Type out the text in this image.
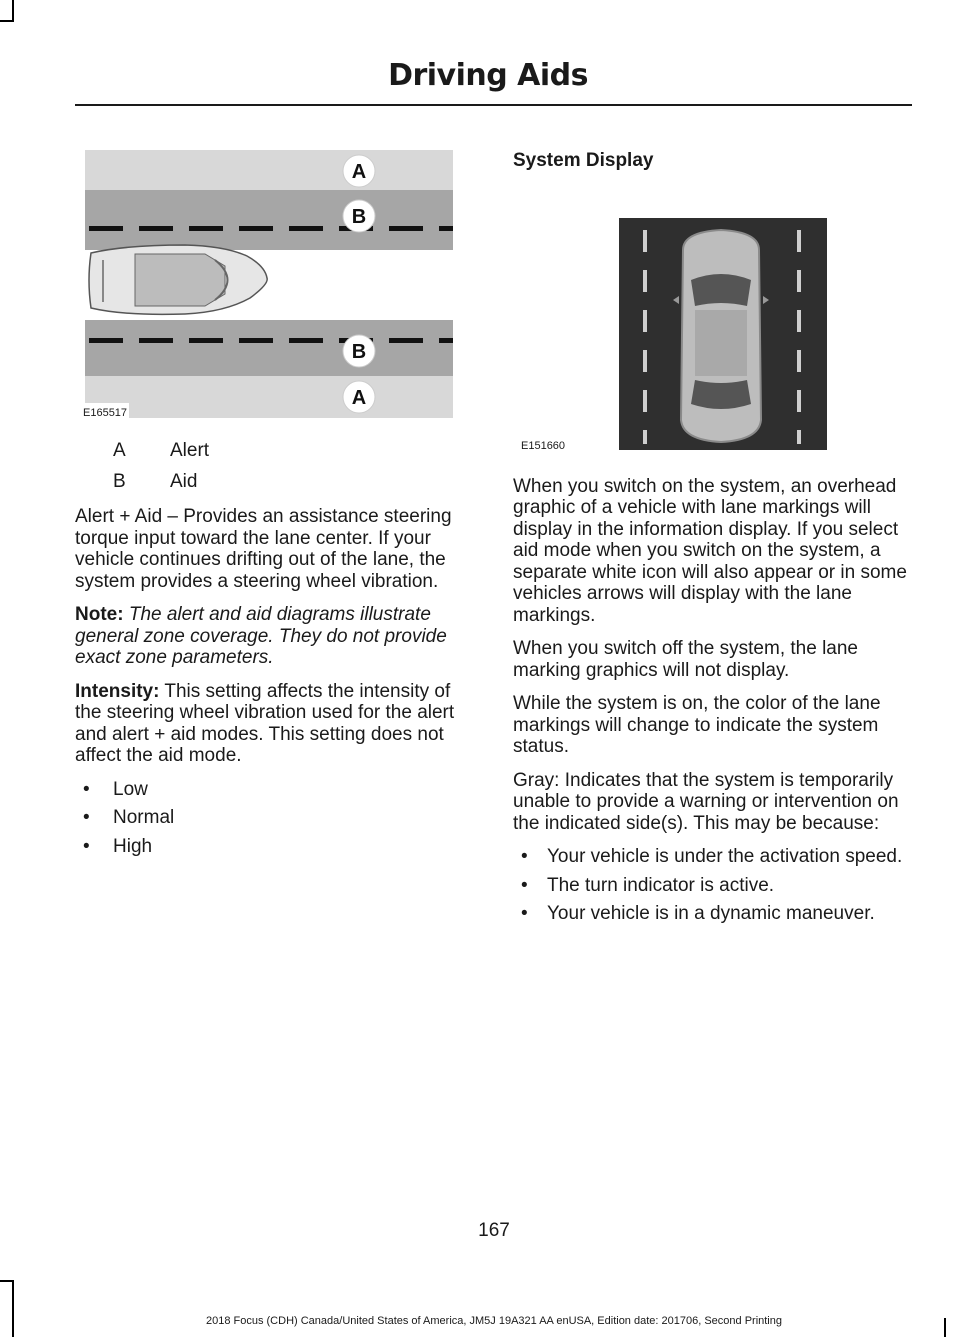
Driving Aids
A
B
B
A
E165517
A	Alert
B	Aid

Alert + Aid – Provides an assistance steering torque input toward the lane center. If your vehicle continues drifting out of the lane, the system provides a steering wheel vibration.

Note: The alert and aid diagrams illustrate general zone coverage. They do not provide exact zone parameters.

Intensity: This setting affects the intensity of the steering wheel vibration used for the alert and alert + aid modes. This setting does not affect the aid mode.

• Low
• Normal
• High
System Display
E151660

When you switch on the system, an overhead graphic of a vehicle with lane markings will display in the information display. If you select aid mode when you switch on the system, a separate white icon will also appear or in some vehicles arrows will display with the lane markings.

When you switch off the system, the lane marking graphics will not display.

While the system is on, the color of the lane markings will change to indicate the system status.

Gray: Indicates that the system is temporarily unable to provide a warning or intervention on the indicated side(s). This may be because:

• Your vehicle is under the activation speed.
• The turn indicator is active.
• Your vehicle is in a dynamic maneuver.
167
2018 Focus (CDH) Canada/United States of America, JM5J 19A321 AA enUSA, Edition date: 201706, Second Printing
